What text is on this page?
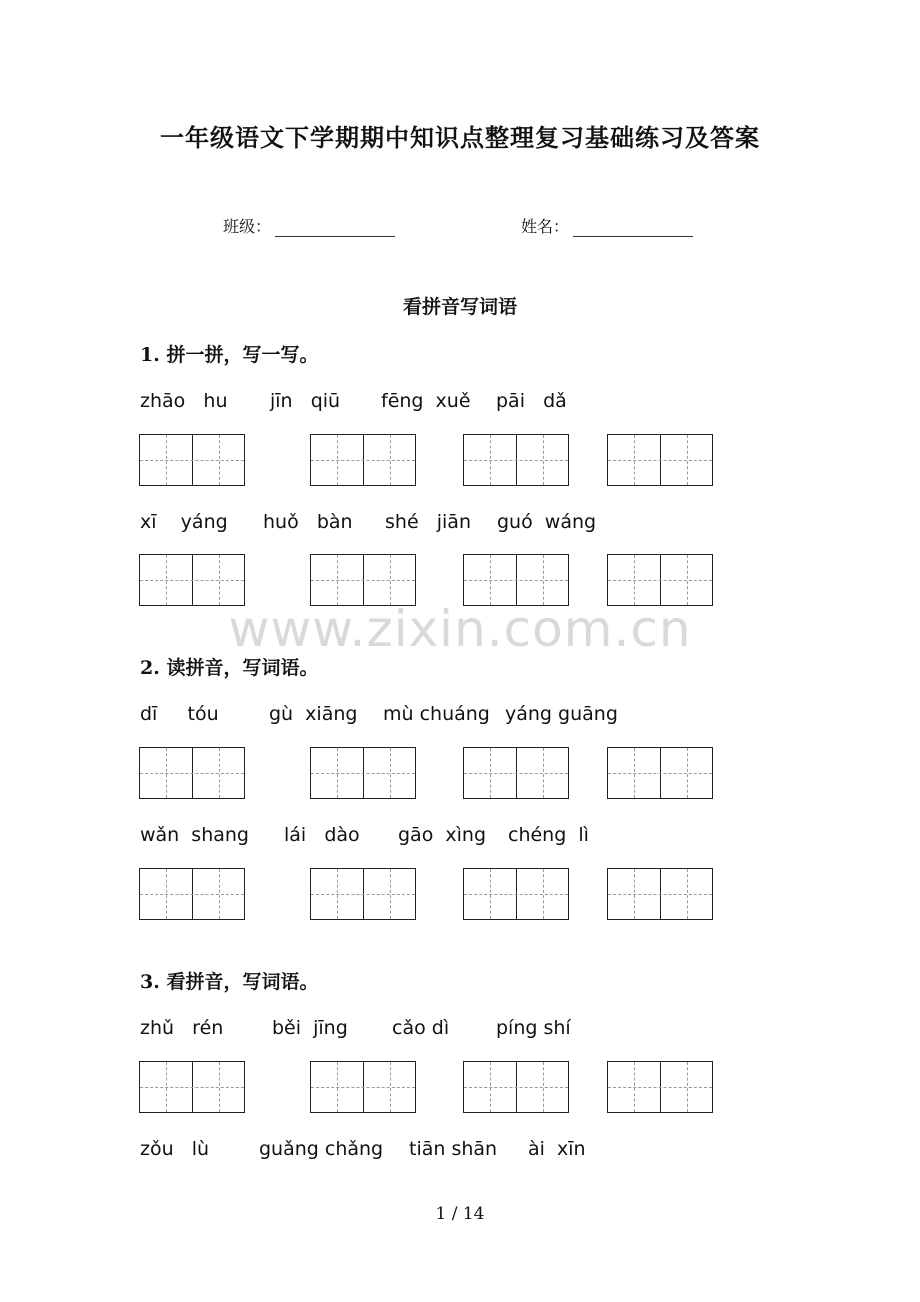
一年级语文下学期期中知识点整理复习基础练习及答案
班级：	姓名：
看拼音写词语
1. 拼一拼，写一写。
zhāo   hu jīn   qiū fēng  xuě pāi   dǎ
xī    yáng huǒ   bàn shé   jiān guó  wáng
www.zixin.com.cn
2. 读拼音，写词语。
dī     tóu	gù  xiāng mù chuáng yáng guāng
wǎn  shang lái   dào gāo  xìng chéng  lì
3. 看拼音，写词语。
zhǔ   rén	běi  jīng cǎo dì píng shí
zǒu   lù	guǎng chǎng tiān shān ài  xīn
1 / 14
